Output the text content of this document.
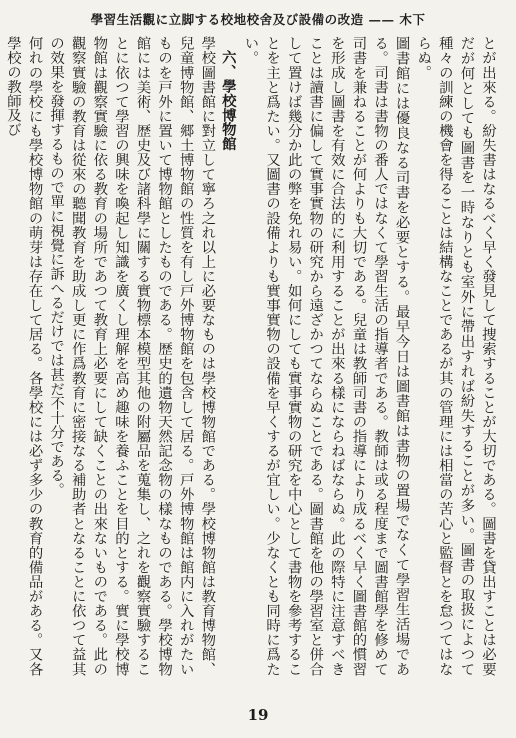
學習生活觀に立脚する校地校舍及び設備の改造 —— 木下
とが出來る。紛失書はなるべく早く發見して捜索することが大切である。圖書を貸出すことは必要だが何としても圖書を一時なりとも室外に帶出すれば紛失することが多い。圖書の取扱によつて種々の訓練の機會を得ることは結構なことであるが其の管理には相當の苦心と監督とを怠つてはならぬ。
圖書館には優良なる司書を必要とする。最早今日は圖書館は書物の置場でなくて學習生活場である。司書は書物の番人ではなくて學習生活の指導者である。教師は或る程度まで圖書館學を修めて司書を兼ねることが何よりも大切である。兒童は教師司書の指導により成るべく早く圖書館的慣習を形成し圖書を有效に合法的に利用することが出來る樣にならねばならぬ。此の際特に注意すべきことは讀書に偏して實事實物の研究から遠ざかつてならぬことである。圖書館を他の學習室と併合して置けば幾分か此の弊を免れ易い。如何にしても實事實物の研究を中心として書物を參考することを主と爲たい。又圖書の設備よりも實事實物の設備を早くするが宜しい。少なくとも同時に爲たい。
六、學校博物館
學校圖書館に對立して寧ろ之れ以上に必要なものは學校博物館である。學校博物館は教育博物館、兒童博物館、郷土博物館の性質を有し戸外博物館を包含して居る。戸外博物館は館内に入れがたいものを戸外に置いて博物館としたものである。歴史的遺物天然記念物の樣なものである。學校博物館には美術、歴史及び諸科學に關する實物標本模型其他の附屬品を蒐集し、之れを觀察實驗することに依つて學習の興味を喚起し知識を廣くし理解を高め趣味を養ふことを目的とする。實に學校博物館は觀察實驗に依る教育の場所であつて教育上必要にして缺くことの出來ないものである。此の觀察實驗の教育は從來の聽聞教育を助成し更に作爲教育に密接なる補助者となることに依つて益其の效果を發揮するもので單に視覺に訴へるだけでは甚だ不十分である。
何れの學校にも學校博物館の萌芽は存在して居る。各學校には必ず多少の教育的備品がある。又各學校の教師及び
19
